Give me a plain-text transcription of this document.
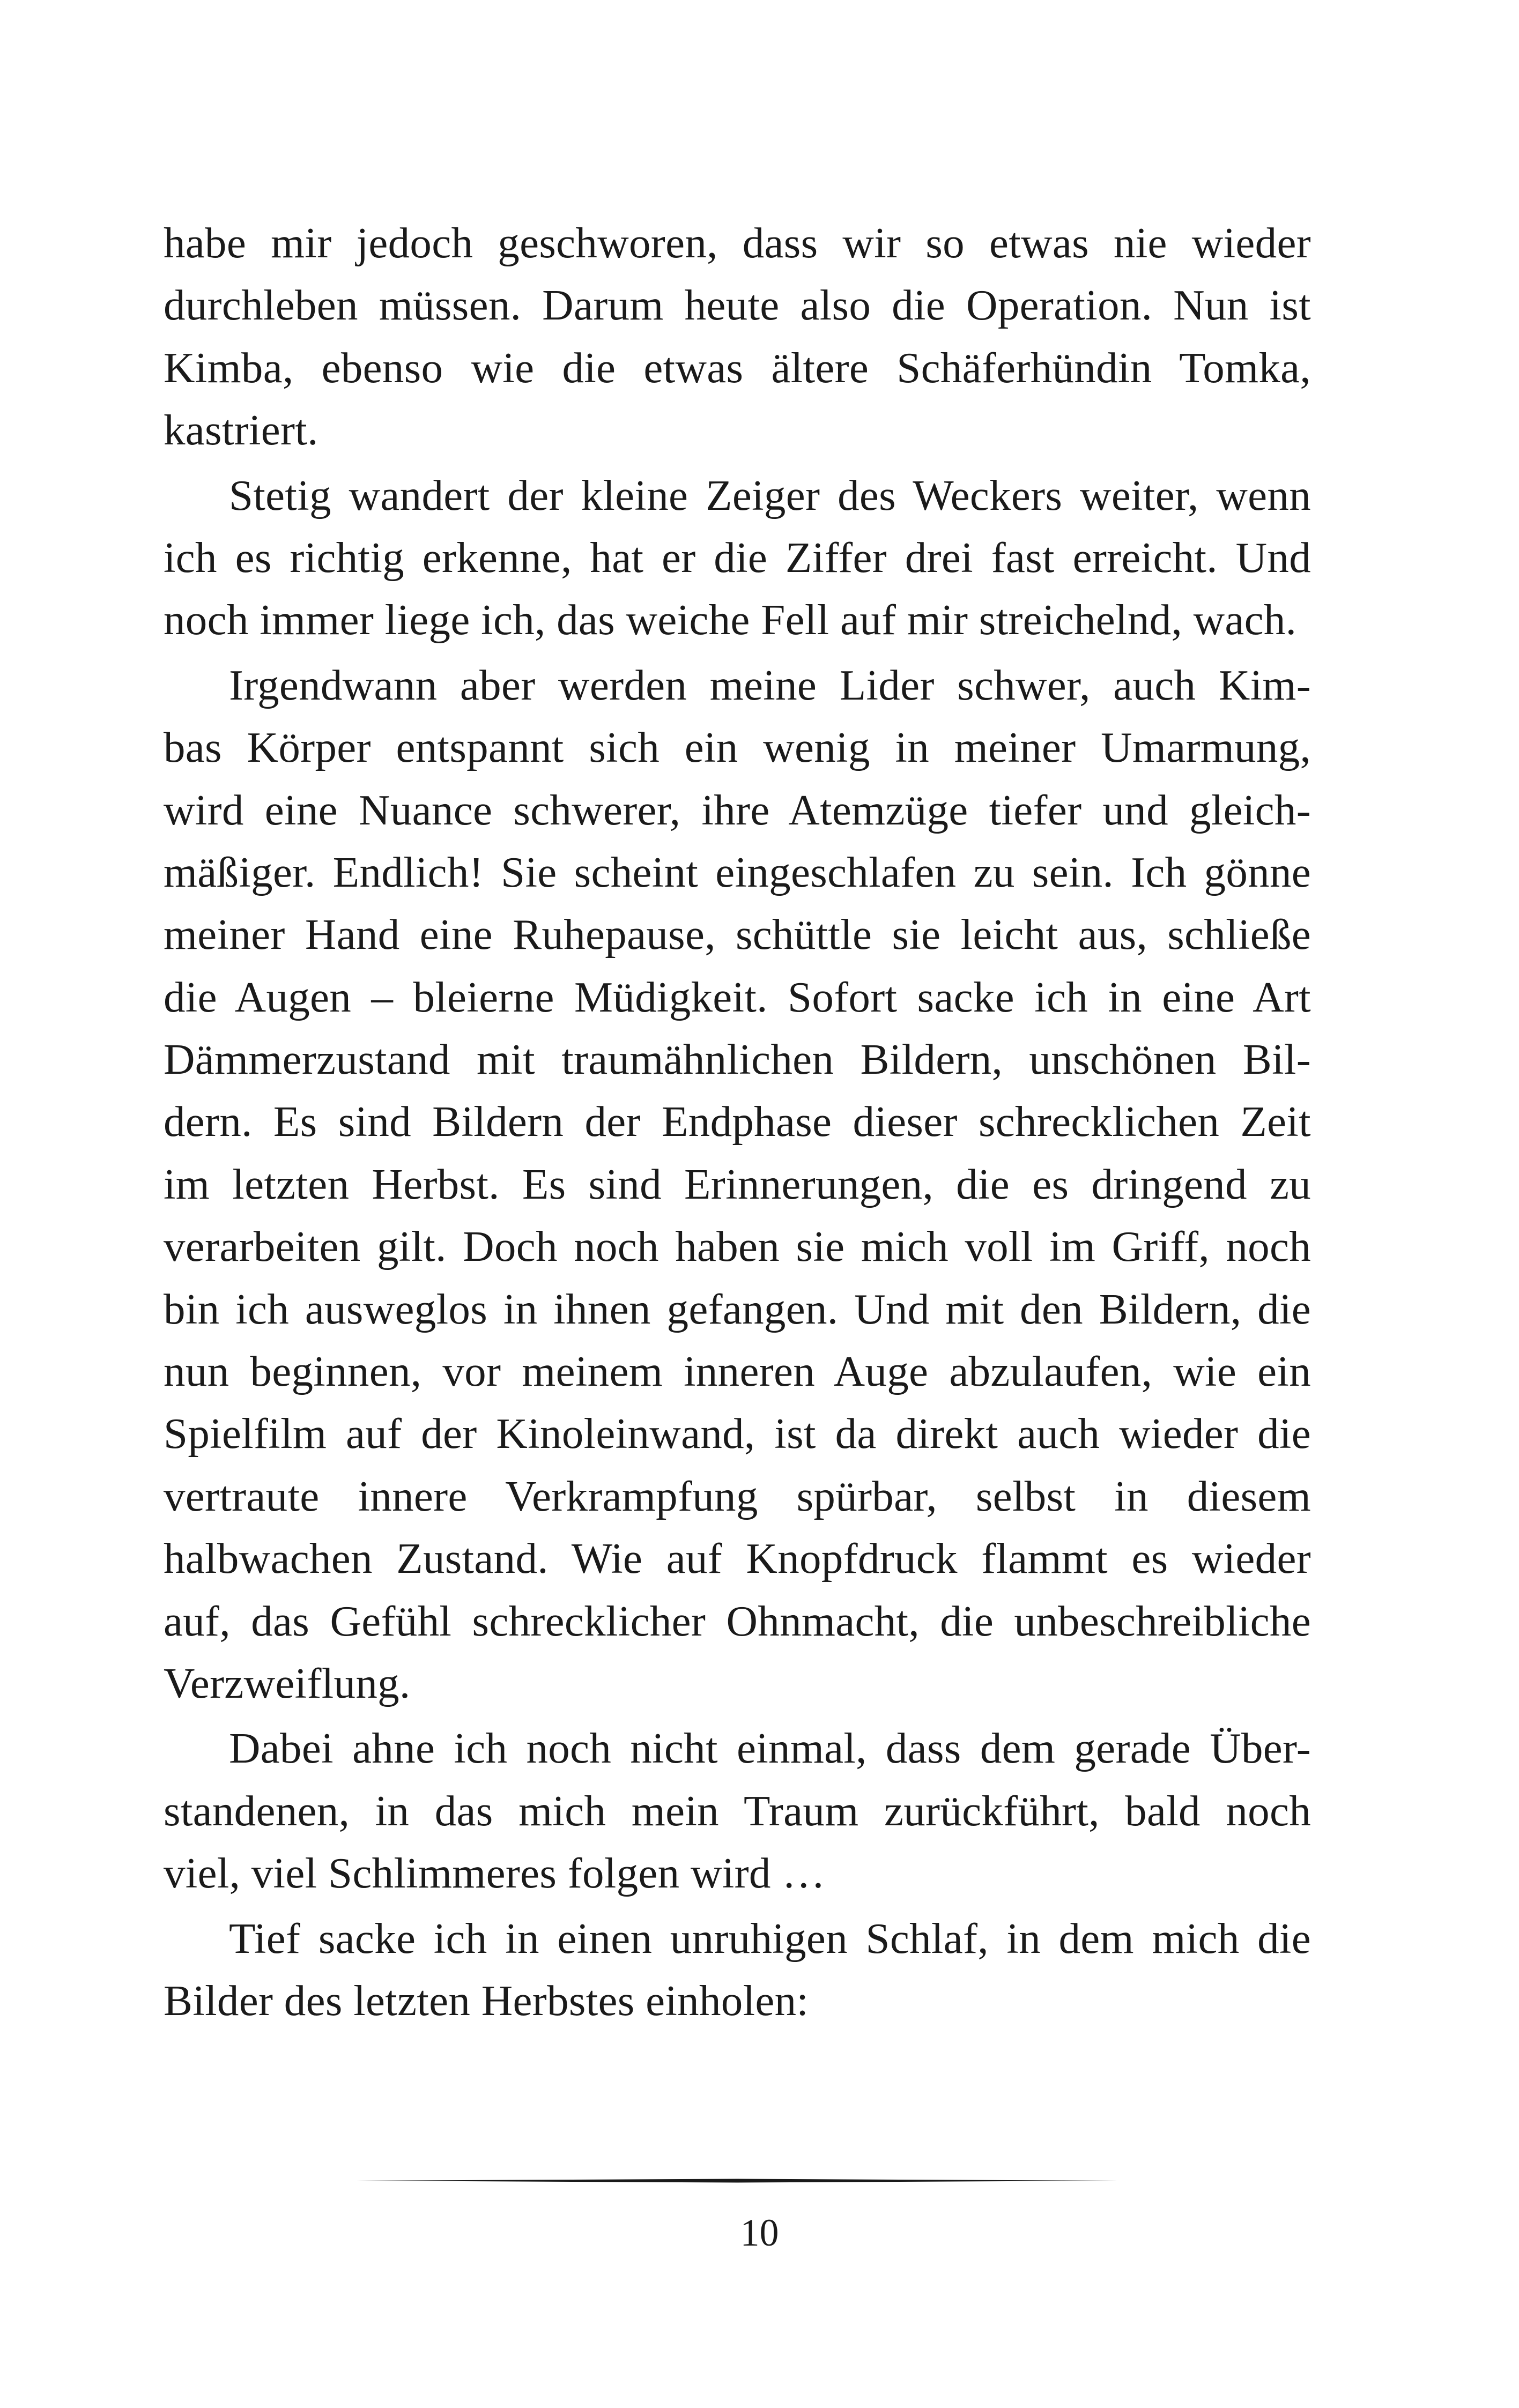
habe mir jedoch geschworen, dass wir so etwas nie wieder
durchleben müssen. Darum heute also die Operation. Nun ist
Kimba, ebenso wie die etwas ältere Schäferhündin Tomka,
kastriert.
Stetig wandert der kleine Zeiger des Weckers weiter, wenn
ich es richtig erkenne, hat er die Ziffer drei fast erreicht. Und
noch immer liege ich, das weiche Fell auf mir streichelnd, wach.
Irgendwann aber werden meine Lider schwer, auch Kim-
bas Körper entspannt sich ein wenig in meiner Umarmung,
wird eine Nuance schwerer, ihre Atemzüge tiefer und gleich-
mäßiger. Endlich! Sie scheint eingeschlafen zu sein. Ich gönne
meiner Hand eine Ruhepause, schüttle sie leicht aus, schließe
die Augen – bleierne Müdigkeit. Sofort sacke ich in eine Art
Dämmerzustand mit traumähnlichen Bildern, unschönen Bil-
dern. Es sind Bildern der Endphase dieser schrecklichen Zeit
im letzten Herbst. Es sind Erinnerungen, die es dringend zu
verarbeiten gilt. Doch noch haben sie mich voll im Griff, noch
bin ich ausweglos in ihnen gefangen. Und mit den Bildern, die
nun beginnen, vor meinem inneren Auge abzulaufen, wie ein
Spielfilm auf der Kinoleinwand, ist da direkt auch wieder die
vertraute innere Verkrampfung spürbar, selbst in diesem
halbwachen Zustand. Wie auf Knopfdruck flammt es wieder
auf, das Gefühl schrecklicher Ohnmacht, die unbeschreibliche
Verzweiflung.
Dabei ahne ich noch nicht einmal, dass dem gerade Über-
standenen, in das mich mein Traum zurückführt, bald noch
viel, viel Schlimmeres folgen wird …
Tief sacke ich in einen unruhigen Schlaf, in dem mich die
Bilder des letzten Herbstes einholen:
10
